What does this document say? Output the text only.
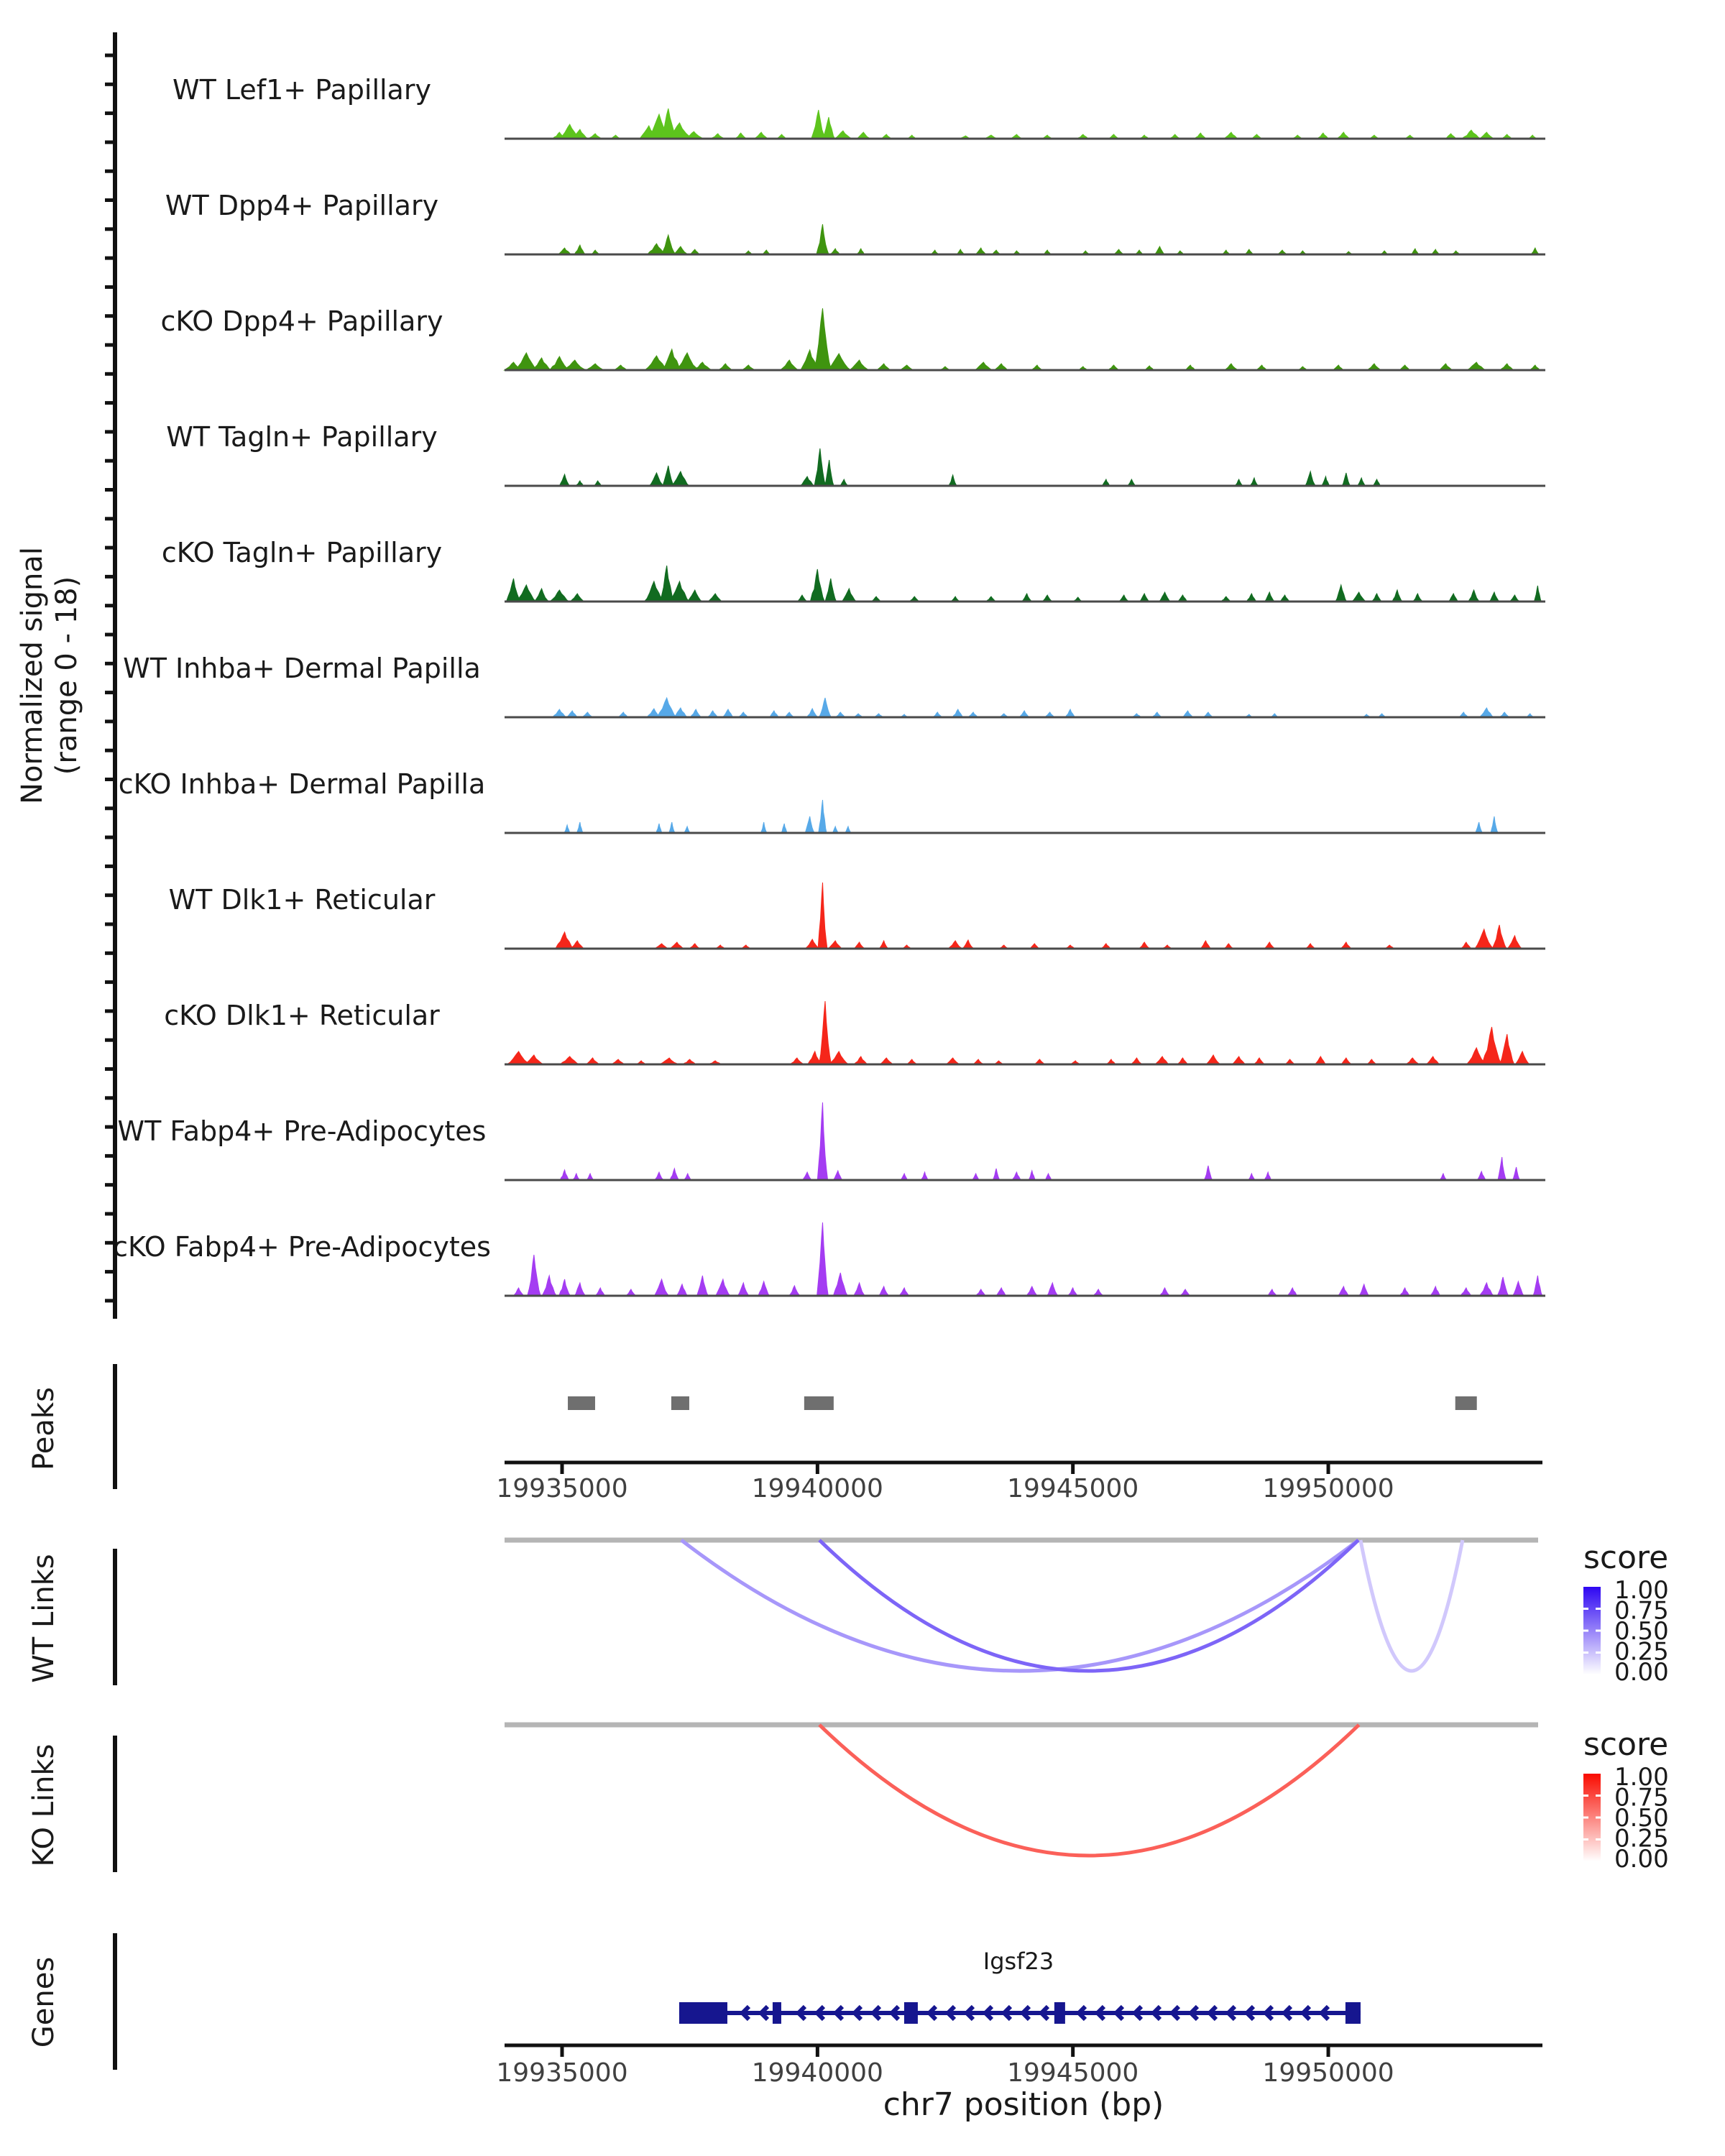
WT Lef1+ Papillary
WT Dpp4+ Papillary
cKO Dpp4+ Papillary
WT Tagln+ Papillary
cKO Tagln+ Papillary
WT Inhba+ Dermal Papilla
cKO Inhba+ Dermal Papilla
WT Dlk1+ Reticular
cKO Dlk1+ Reticular
WT Fabp4+ Pre-Adipocytes
cKO Fabp4+ Pre-Adipocytes
19935000	19940000	19945000	19950000
19935000	19940000	19945000	19950000
1.00
0.75
0.50
0.25
0.00
1.00
0.75
0.50
0.25
0.00
Normalized signal (range 0 - 18)
Peaks
WT Links
KO Links
Genes
score
score
Igsf23
chr7 position (bp)
